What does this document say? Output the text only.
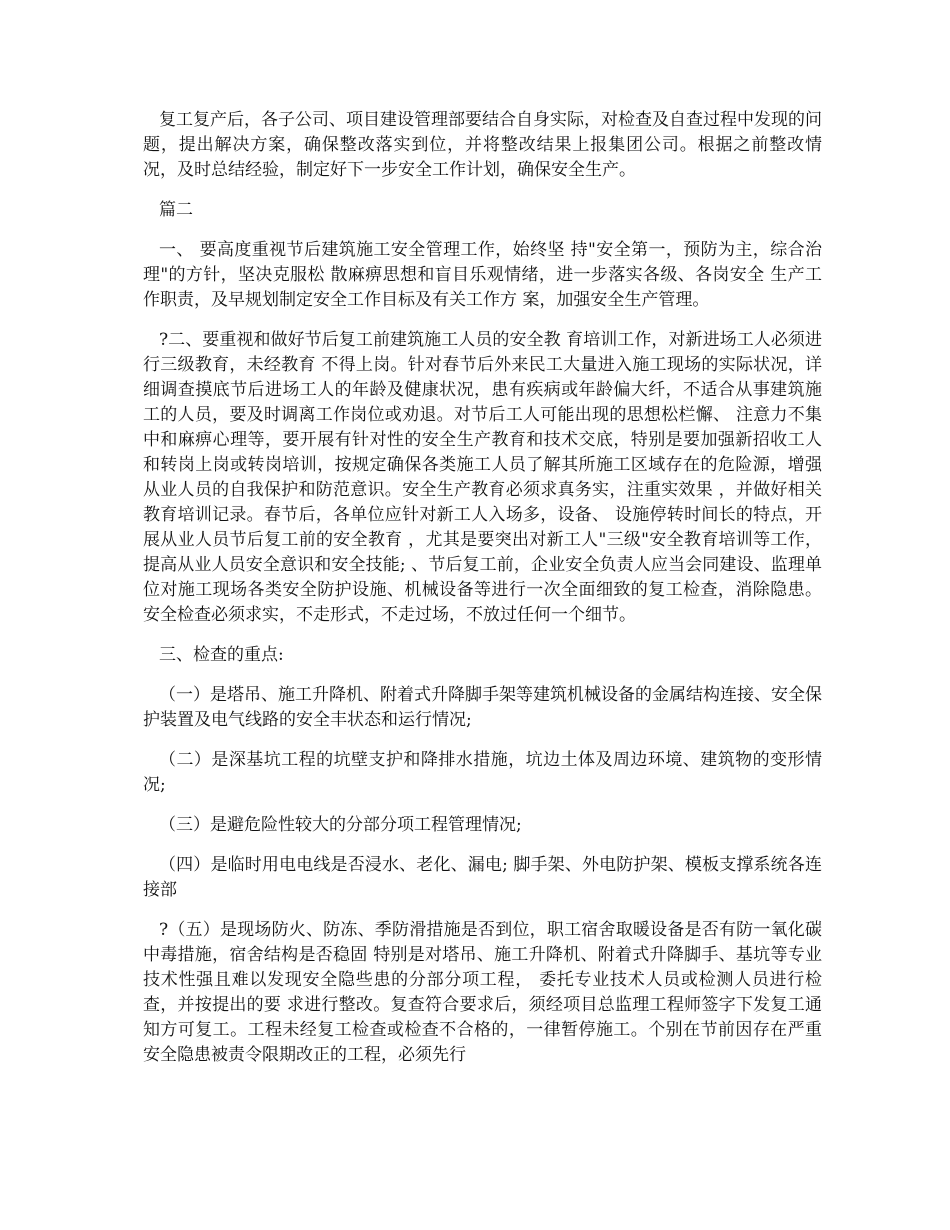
复工复产后，各子公司、项目建设管理部要结合自身实际，对检查及自查过程中发现的问题，提出解决方案，确保整改落实到位，并将整改结果上报集团公司。根据之前整改情况，及时总结经验，制定好下一步安全工作计划，确保安全生产。

篇二

一、 要高度重视节后建筑施工安全管理工作，始终坚 持"安全第一，预防为主，综合治理"的方针，坚决克服松 散麻痹思想和盲目乐观情绪，进一步落实各级、各岗安全 生产工作职责，及早规划制定安全工作目标及有关工作方 案，加强安全生产管理。

?二、要重视和做好节后复工前建筑施工人员的安全教 育培训工作，对新进场工人必须进行三级教育，未经教育 不得上岗。针对春节后外来民工大量进入施工现场的实际状况，详细调查摸底节后进场工人的年龄及健康状况，患有疾病或年龄偏大纤，不适合从事建筑施工的人员，要及时调离工作岗位或劝退。对节后工人可能出现的思想松栏懈、 注意力不集中和麻痹心理等，要开展有针对性的安全生产教育和技术交底，特别是要加强新招收工人和转岗上岗或转岗培训，按规定确保各类施工人员了解其所施工区域存在的危险源，增强从业人员的自我保护和防范意识。安全生产教育必须求真务实，注重实效果 ，并做好相关教育培训记录。春节后，各单位应针对新工人入场多，设备、 设施停转时间长的特点，开展从业人员节后复工前的安全教育 ，尤其是要突出对新工人"三级"安全教育培训等工作，提高从业人员安全意识和安全技能; 、节后复工前，企业安全负责人应当会同建设、监理单位对施工现场各类安全防护设施、机械设备等进行一次全面细致的复工检查，消除隐患。安全检查必须求实，不走形式，不走过场，不放过任何一个细节。

三、检查的重点:

（一）是塔吊、施工升降机、附着式升降脚手架等建筑机械设备的金属结构连接、安全保护装置及电气线路的安全丰状态和运行情况;

（二）是深基坑工程的坑壁支护和降排水措施，坑边土体及周边环境、建筑物的变形情况;

（三）是避危险性较大的分部分项工程管理情况;

（四）是临时用电电线是否浸水、老化、漏电; 脚手架、外电防护架、模板支撑系统各连接部

?（五）是现场防火、防冻、季防滑措施是否到位，职工宿舍取暖设备是否有防一氧化碳中毒措施，宿舍结构是否稳固 特别是对塔吊、施工升降机、附着式升降脚手、基坑等专业技术性强且难以发现安全隐些患的分部分项工程， 委托专业技术人员或检测人员进行检查，并按提出的要 求进行整改。复查符合要求后，须经项目总监理工程师签字下发复工通知方可复工。工程未经复工检查或检查不合格的，一律暂停施工。个别在节前因存在严重安全隐患被责令限期改正的工程，必须先行
